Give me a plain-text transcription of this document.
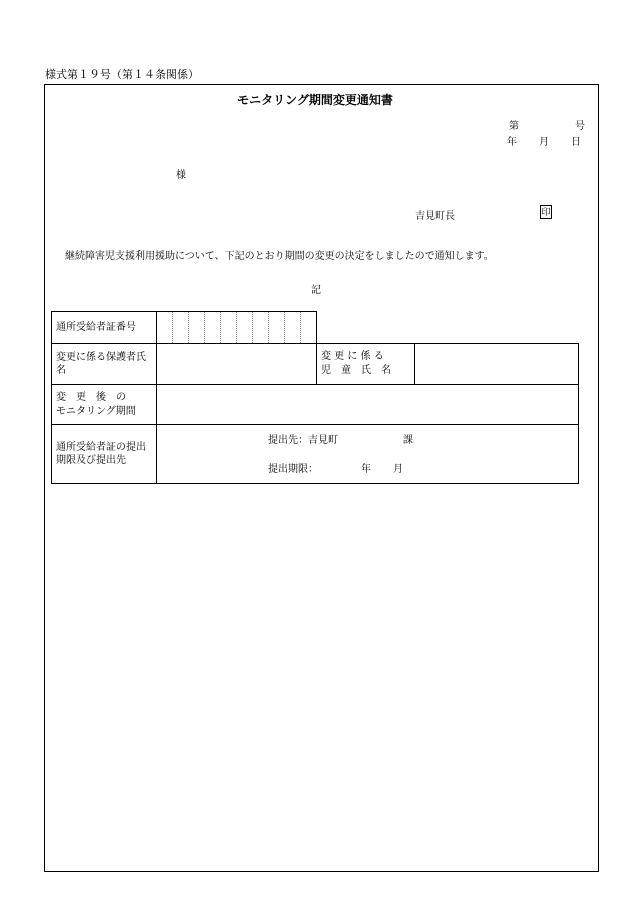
様式第１９号（第１４条関係）
モニタリング期間変更通知書
第	号
年 月 日
様
吉見町長	印
継続障害児支援利用援助について、下記のとおり期間の変更の決定をしましたので通知します。
記
通所受給者証番号		

変更に係る保護者氏名		変 更 に 係 る
児　童　氏　名	

変　更　後　の
モニタリング期間			

通所受給者証の提出期限及び提出先	提出先：吉見町 課
提出期限： 年 月		
